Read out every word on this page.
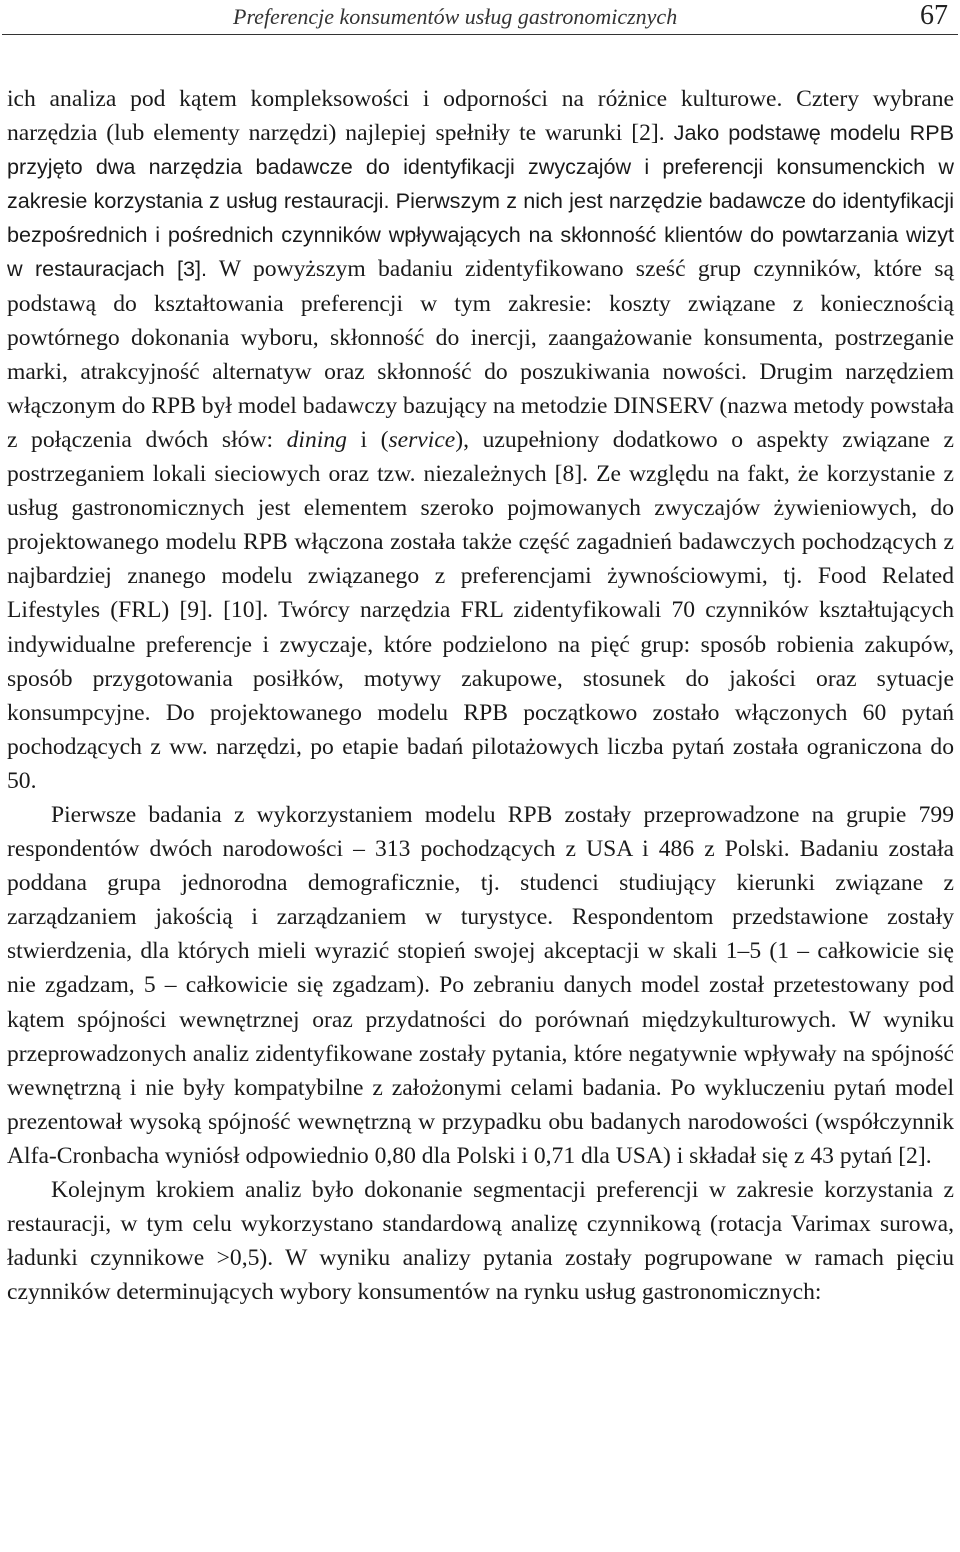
Preferencje konsumentów usług gastronomicznych	67

ich analiza pod kątem kompleksowości i odporności na różnice kulturowe. Cztery wybrane narzędzia (lub elementy narzędzi) najlepiej spełniły te warunki [2]. Jako podstawę modelu RPB przyjęto dwa narzędzia badawcze do identyfikacji zwyczajów i preferencji konsumenckich w zakresie korzystania z usług restauracji. Pierwszym z nich jest narzędzie badawcze do identyfikacji bezpośrednich i pośrednich czynników wpływających na skłonność klientów do powtarzania wizyt w restauracjach [3]. W powyższym badaniu zidentyfikowano sześć grup czynników, które są podstawą do kształtowania preferencji w tym zakresie: koszty związane z koniecznością powtórnego dokonania wyboru, skłonność do inercji, zaangażowanie konsumenta, postrzeganie marki, atrakcyjność alternatyw oraz skłonność do poszukiwania nowości. Drugim narzędziem włączonym do RPB był model badawczy bazujący na metodzie DINSERV (nazwa metody powstała z połączenia dwóch słów: dining i (service), uzupełniony dodatkowo o aspekty związane z postrzeganiem lokali sieciowych oraz tzw. niezależnych [8]. Ze względu na fakt, że korzystanie z usług gastronomicznych jest elementem szeroko pojmowanych zwyczajów żywieniowych, do projektowanego modelu RPB włączona została także część zagadnień badawczych pochodzących z najbardziej znanego modelu związanego z preferencjami żywnościowymi, tj. Food Related Lifestyles (FRL) [9]. [10]. Twórcy narzędzia FRL zidentyfikowali 70 czynników kształtujących indywidualne preferencje i zwyczaje, które podzielono na pięć grup: sposób robienia zakupów, sposób przygotowania posiłków, motywy zakupowe, stosunek do jakości oraz sytuacje konsumpcyjne. Do projektowanego modelu RPB początkowo zostało włączonych 60 pytań pochodzących z ww. narzędzi, po etapie badań pilotażowych liczba pytań została ograniczona do 50.

Pierwsze badania z wykorzystaniem modelu RPB zostały przeprowadzone na grupie 799 respondentów dwóch narodowości – 313 pochodzących z USA i 486 z Polski. Badaniu została poddana grupa jednorodna demograficznie, tj. studenci studiujący kierunki związane z zarządzaniem jakością i zarządzaniem w turystyce. Respondentom przedstawione zostały stwierdzenia, dla których mieli wyrazić stopień swojej akceptacji w skali 1–5 (1 – całkowicie się nie zgadzam, 5 – całkowicie się zgadzam). Po zebraniu danych model został przetestowany pod kątem spójności wewnętrznej oraz przydatności do porównań międzykulturowych. W wyniku przeprowadzonych analiz zidentyfikowane zostały pytania, które negatywnie wpływały na spójność wewnętrzną i nie były kompatybilne z założonymi celami badania. Po wykluczeniu pytań model prezentował wysoką spójność wewnętrzną w przypadku obu badanych narodowości (współczynnik Alfa-Cronbacha wyniósł odpowiednio 0,80 dla Polski i 0,71 dla USA) i składał się z 43 pytań [2].

Kolejnym krokiem analiz było dokonanie segmentacji preferencji w zakresie korzystania z restauracji, w tym celu wykorzystano standardową analizę czynnikową (rotacja Varimax surowa, ładunki czynnikowe >0,5). W wyniku analizy pytania zostały pogrupowane w ramach pięciu czynników determinujących wybory konsumentów na rynku usług gastronomicznych:
